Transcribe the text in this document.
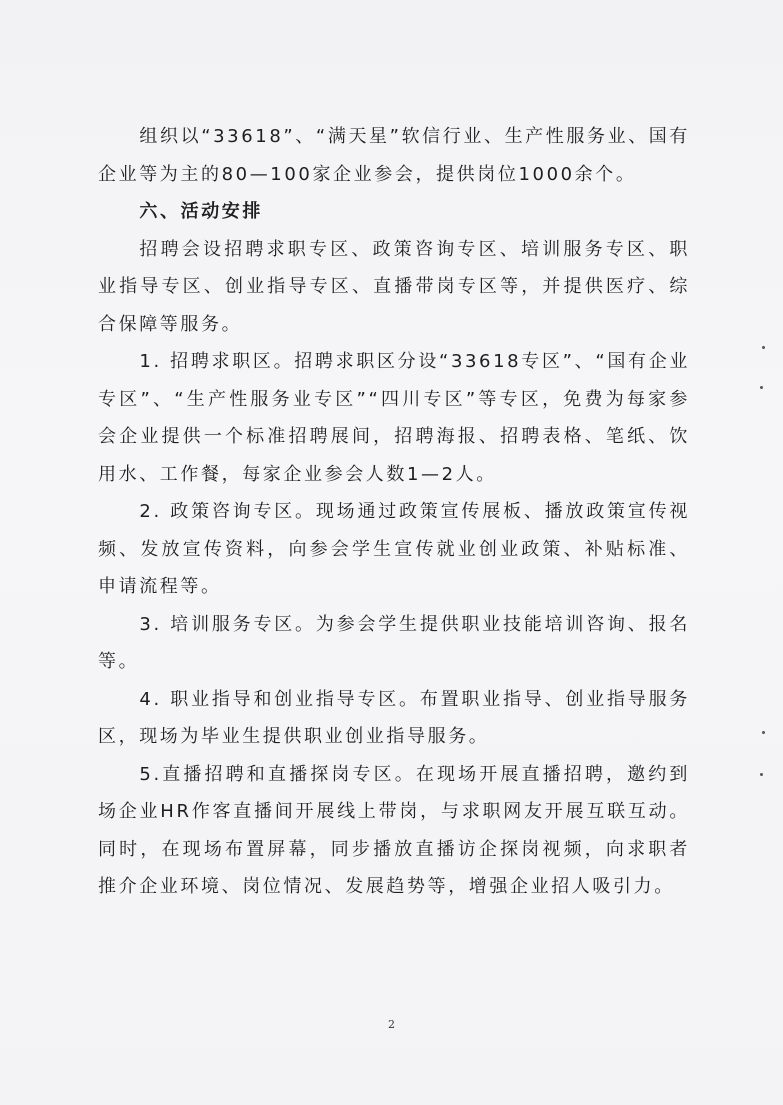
组织以“33618”、“满天星”软信行业、生产性服务业、国有企业等为主的80—100家企业参会，提供岗位1000余个。

六、活动安排

招聘会设招聘求职专区、政策咨询专区、培训服务专区、职业指导专区、创业指导专区、直播带岗专区等，并提供医疗、综合保障等服务。

1. 招聘求职区。招聘求职区分设“33618专区”、“国有企业专区”、“生产性服务业专区”“四川专区”等专区，免费为每家参会企业提供一个标准招聘展间，招聘海报、招聘表格、笔纸、饮用水、工作餐，每家企业参会人数1—2人。

2. 政策咨询专区。现场通过政策宣传展板、播放政策宣传视频、发放宣传资料，向参会学生宣传就业创业政策、补贴标准、申请流程等。

3. 培训服务专区。为参会学生提供职业技能培训咨询、报名等。

4. 职业指导和创业指导专区。布置职业指导、创业指导服务区，现场为毕业生提供职业创业指导服务。

5.直播招聘和直播探岗专区。在现场开展直播招聘，邀约到场企业HR作客直播间开展线上带岗，与求职网友开展互联互动。同时，在现场布置屏幕，同步播放直播访企探岗视频，向求职者推介企业环境、岗位情况、发展趋势等，增强企业招人吸引力。

2
